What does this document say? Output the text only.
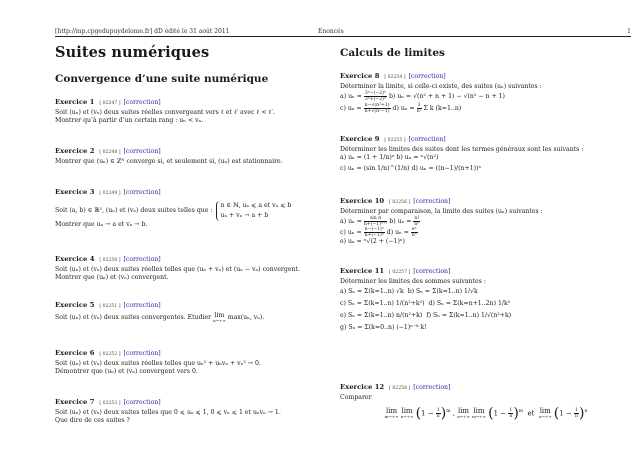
[http://mp.cpgedupuydelome.fr] dD édité le 31 août 2011	Enoncés	1
Suites numériques
Convergence d’une suite numérique
Exercice 1 [ 02247 ] [correction]
Soit (uₙ) et (vₙ) deux suites réelles convergeant vers ℓ et ℓ′ avec ℓ < ℓ′.
Montrer qu’à partir d’un certain rang : uₙ < vₙ.
Exercice 2 [ 02248 ] [correction]
Montrer que (uₙ) ∈ ℤᴺ converge si, et seulement si, (uₙ) est stationnaire.
Exercice 3 [ 02249 ] [correction]
Soit (a, b) ∈ ℝ², (uₙ) et (vₙ) deux suites telles que :
n ∈ ℕ, uₙ ⩽ a et vₙ ⩽ b
uₙ + vₙ → a + b
Montrer que uₙ → a et vₙ → b.
Exercice 4 [ 02250 ] [correction]
Soit (uₙ) et (vₙ) deux suites réelles telles que (uₙ + vₙ) et (uₙ − vₙ) convergent.
Montrer que (uₙ) et (vₙ) convergent.
Exercice 5 [ 02251 ] [correction]
Soit (uₙ) et (vₙ) deux suites convergentes. Etudier lim
n→+∞ max(uₙ, vₙ).
Exercice 6 [ 02252 ] [correction]
Soit (uₙ) et (vₙ) deux suites réelles telles que uₙ² + uₙvₙ + vₙ² → 0.
Démontrer que (uₙ) et (vₙ) convergent vers 0.
Exercice 7 [ 02253 ] [correction]
Soit (uₙ) et (vₙ) deux suites telles que 0 ⩽ uₙ ⩽ 1, 0 ⩽ vₙ ⩽ 1 et uₙvₙ → 1.
Que dire de ces suites ?
Calculs de limites
Exercice 8 [ 02254 ] [correction]
Déterminer la limite, si celle-ci existe, des suites (uₙ) suivantes :
a) $u_n = \frac{\text{3ⁿ−(−2)ⁿ}}{\text{3ⁿ+(−2)ⁿ}} b$) uₙ = √(n² + n + 1) − √(n² − n + 1)
c) $u_n = \frac{\text{n−√(n²+1)}}{\text{n+√(n²−1)}} d$) $u_n = \frac{1}{\text{n²}}$ Σ k (k=1..n)
Exercice 9 [ 02255 ] [correction]
Déterminer les limites des suites dont les termes généraux sont les suivants :
a) uₙ = (1 + 1/n)ⁿ b) uₙ = ⁿ√(n²)
c) uₙ = (sin 1/n)^(1/n) d) uₙ = ((n−1)/(n+1))ⁿ
Exercice 10 [ 02256 ] [correction]
Déterminer par comparaison, la limite des suites (uₙ) suivantes :
a) $u_n = \frac{\text{sin n}}{\text{n+(−1)ⁿ⁺¹}} b$) $u_n = \frac{n!}{\text{nⁿ}}$
c) $u_n = \frac{\text{n−(−1)ⁿ}}{\text{n+(−1)ⁿ}} d$) $u_n = \frac{\text{eⁿ}}{\text{nⁿ}}$
e) uₙ = ⁿ√(2 + (−1)ⁿ)
Exercice 11 [ 02257 ] [correction]
Déterminer les limites des sommes suivantes :
a) Sₙ = Σ(k=1..n) √k b) Sₙ = Σ(k=1..n) 1/√k
c) Sₙ = Σ(k=1..n) 1/(n²+k²) d) Sₙ = Σ(k=n+1..2n) 1/k²
e) Sₙ = Σ(k=1..n) n/(n²+k) f) Sₙ = Σ(k=1..n) 1/√(n²+k)
g) Sₙ = Σ(k=0..n) (−1)ⁿ⁻ᵏ k!
Exercice 12 [ 02258 ] [correction]
Comparer
lim
m→+∞
lim
n→+∞ $(1 - \frac{1}{n} )^m$ , lim
n→+∞
lim
m→+∞ $(1 - \frac{1}{n} )^m$ et lim
n→+∞ $(1 - \frac{1}{n} )^n$
